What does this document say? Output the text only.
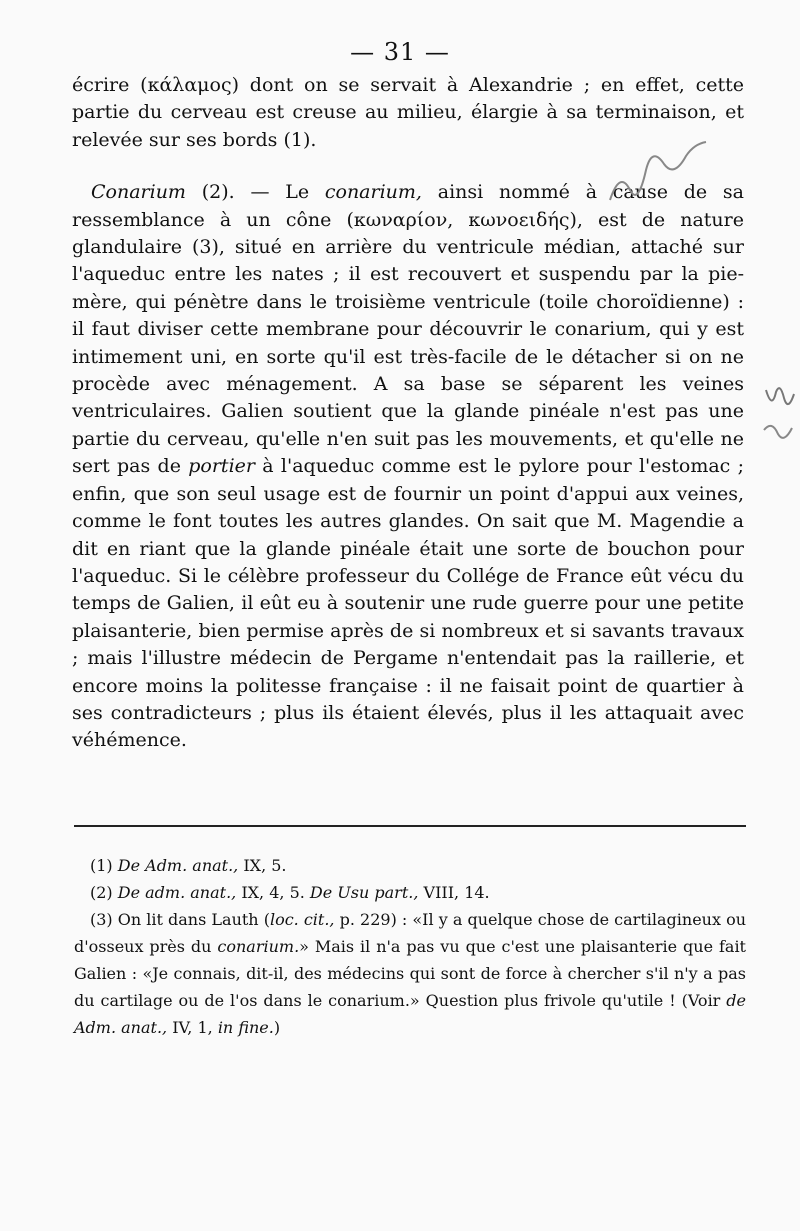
— 31 —

écrire (κάλαμος) dont on se servait à Alexandrie ; en effet, cette partie du cerveau est creuse au milieu, élargie à sa terminaison, et relevée sur ses bords (1).

 Conarium (2). — Le conarium, ainsi nommé à cause de sa ressemblance à un cône (κωναρίον, κωνοειδής), est de nature glandulaire (3), situé en arrière du ventricule médian, attaché sur l'aqueduc entre les nates ; il est recouvert et suspendu par la pie-mère, qui pénètre dans le troisième ventricule (toile choroïdienne) : il faut diviser cette membrane pour découvrir le conarium, qui y est intimement uni, en sorte qu'il est très-facile de le détacher si on ne procède avec ménagement. A sa base se séparent les veines ventriculaires. Galien soutient que la glande pinéale n'est pas une partie du cerveau, qu'elle n'en suit pas les mouvements, et qu'elle ne sert pas de portier à l'aqueduc comme est le pylore pour l'estomac ; enfin, que son seul usage est de fournir un point d'appui aux veines, comme le font toutes les autres glandes. On sait que M. Magendie a dit en riant que la glande pinéale était une sorte de bouchon pour l'aqueduc. Si le célèbre professeur du Collége de France eût vécu du temps de Galien, il eût eu à soutenir une rude guerre pour une petite plaisanterie, bien permise après de si nombreux et si savants travaux ; mais l'illustre médecin de Pergame n'entendait pas la raillerie, et encore moins la politesse française : il ne faisait point de quartier à ses contradicteurs ; plus ils étaient élevés, plus il les attaquait avec véhémence.

(1) De Adm. anat., IX, 5.

(2) De adm. anat., IX, 4, 5. De Usu part., VIII, 14.

(3) On lit dans Lauth (loc. cit., p. 229) : «Il y a quelque chose de cartilagineux ou d'osseux près du conarium.» Mais il n'a pas vu que c'est une plaisanterie que fait Galien : «Je connais, dit-il, des médecins qui sont de force à chercher s'il n'y a pas du cartilage ou de l'os dans le conarium.» Question plus frivole qu'utile ! (Voir de Adm. anat., IV, 1, in fine.)
